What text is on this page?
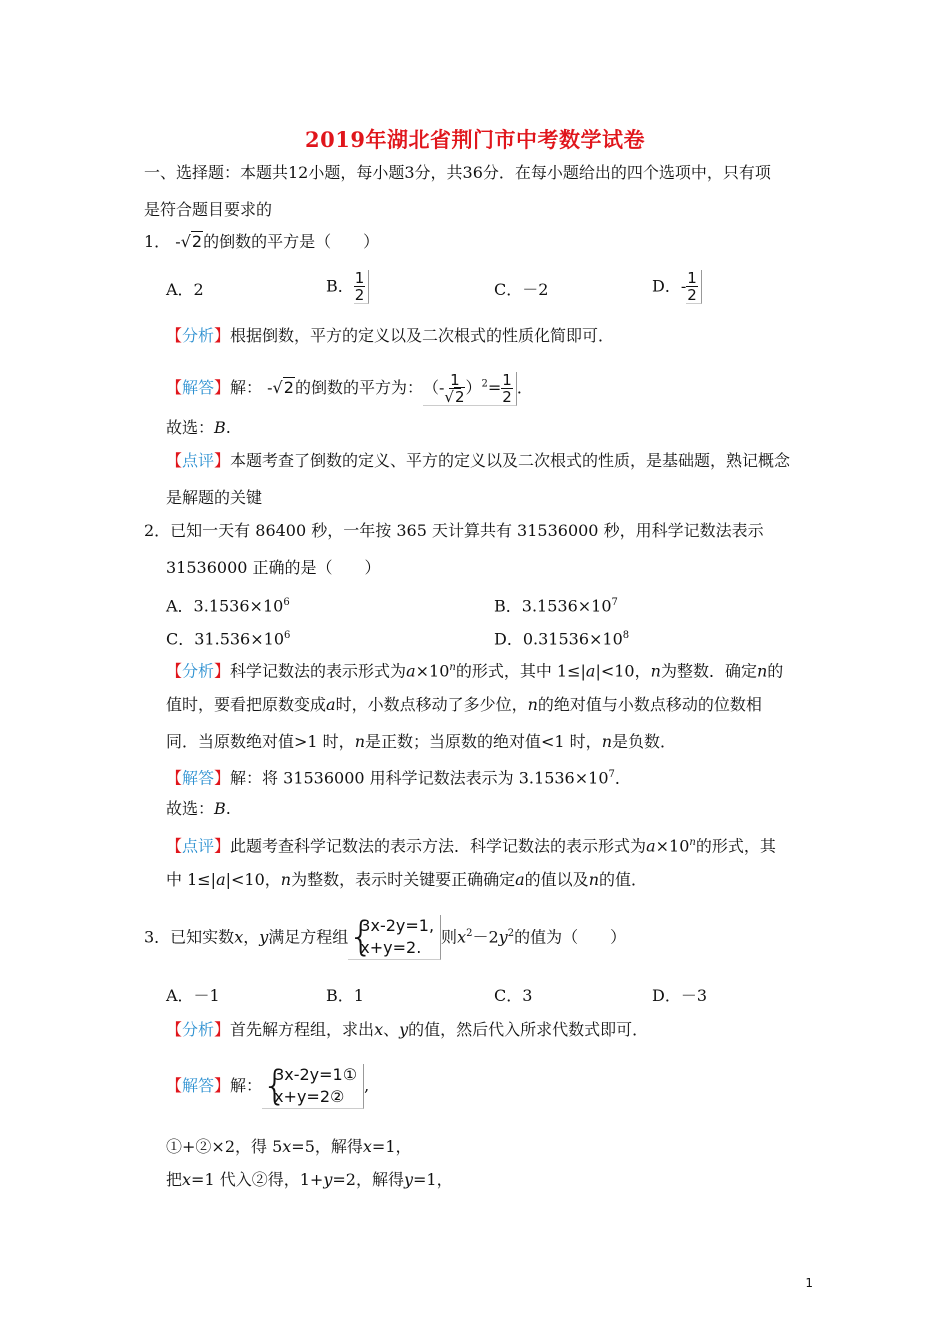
2019年湖北省荆门市中考数学试卷
一、选择题：本题共12小题，每小题3分，共36分．在每小题给出的四个选项中，只有项
是符合题目要求的
1． -√2的倒数的平方是（　　）
A．2	B． $\frac{1}{2}$	C．－2	D．- $\frac{1}{2}$
【分析】根据倒数，平方的定义以及二次根式的性质化简即可．
【解答】解： -√2的倒数的平方为：（- $\frac{1}{√2} )^2= \frac{1}{2}$ ．
故选：B.
【点评】本题考查了倒数的定义、平方的定义以及二次根式的性质，是基础题，熟记概念
是解题的关键
2．已知一天有 86400 秒，一年按 365 天计算共有 31536000 秒，用科学记数法表示
31536000 正确的是（　　）
A．$3.1536\times 10^6$	B．$3.1536\times 10^7$
C．$31.536\times 10^6$	D．$0.31536\times 10^8$
【分析】科学记数法的表示形式为$a\times 10^n$的形式，其中 1≤|a|<10，n为整数．确定n的
值时，要看把原数变成a时，小数点移动了多少位，n的绝对值与小数点移动的位数相
同．当原数绝对值>1 时，n是正数；当原数的绝对值<1 时，n是负数．
【解答】解：将 31536000 用科学记数法表示为 $3.1536\times 10^7$．
故选：B.
【点评】此题考查科学记数法的表示方法．科学记数法的表示形式为$a\times 10^n$的形式，其
中 1≤|a|<10，n为整数，表示时关键要正确确定a的值以及n的值．
3．已知实数x，y满足方程组 {
3x-2y=1,
x+y=2.
则$x^2-2y^2$的值为（　　）
A．－1	B．1	C．3	D．－3
【分析】首先解方程组，求出x、y的值，然后代入所求代数式即可．
【解答】解： {
3x-2y=1①
x+y=2②
,
①+②×2，得 5x=5，解得x=1，
把x=1 代入②得，1+y=2，解得y=1，
1
